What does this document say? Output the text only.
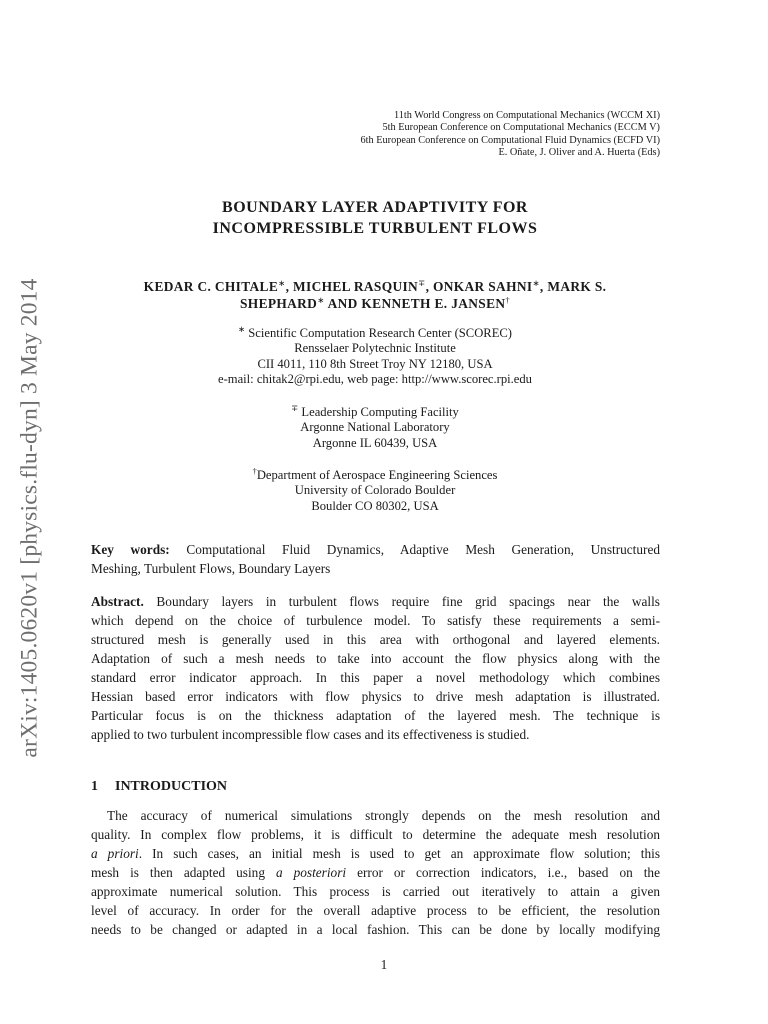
arXiv:1405.0620v1 [physics.flu-dyn] 3 May 2014
11th World Congress on Computational Mechanics (WCCM XI)
5th European Conference on Computational Mechanics (ECCM V)
6th European Conference on Computational Fluid Dynamics (ECFD VI)
E. Oñate, J. Oliver and A. Huerta (Eds)
BOUNDARY LAYER ADAPTIVITY FOR
INCOMPRESSIBLE TURBULENT FLOWS
KEDAR C. CHITALE∗, MICHEL RASQUIN∓, ONKAR SAHNI∗, MARK S.
SHEPHARD∗ AND KENNETH E. JANSEN†
∗ Scientific Computation Research Center (SCOREC)
Rensselaer Polytechnic Institute
CII 4011, 110 8th Street Troy NY 12180, USA
e-mail: chitak2@rpi.edu, web page: http://www.scorec.rpi.edu
∓ Leadership Computing Facility
Argonne National Laboratory
Argonne IL 60439, USA
†Department of Aerospace Engineering Sciences
University of Colorado Boulder
Boulder CO 80302, USA
Key words: Computational Fluid Dynamics, Adaptive Mesh Generation, Unstructured
Meshing, Turbulent Flows, Boundary Layers
Abstract. Boundary layers in turbulent flows require fine grid spacings near the walls
which depend on the choice of turbulence model. To satisfy these requirements a semi-
structured mesh is generally used in this area with orthogonal and layered elements.
Adaptation of such a mesh needs to take into account the flow physics along with the
standard error indicator approach. In this paper a novel methodology which combines
Hessian based error indicators with flow physics to drive mesh adaptation is illustrated.
Particular focus is on the thickness adaptation of the layered mesh. The technique is
applied to two turbulent incompressible flow cases and its effectiveness is studied.
1 INTRODUCTION
The accuracy of numerical simulations strongly depends on the mesh resolution and
quality. In complex flow problems, it is difficult to determine the adequate mesh resolution
a priori. In such cases, an initial mesh is used to get an approximate flow solution; this
mesh is then adapted using a posteriori error or correction indicators, i.e., based on the
approximate numerical solution. This process is carried out iteratively to attain a given
level of accuracy. In order for the overall adaptive process to be efficient, the resolution
needs to be changed or adapted in a local fashion. This can be done by locally modifying
1
